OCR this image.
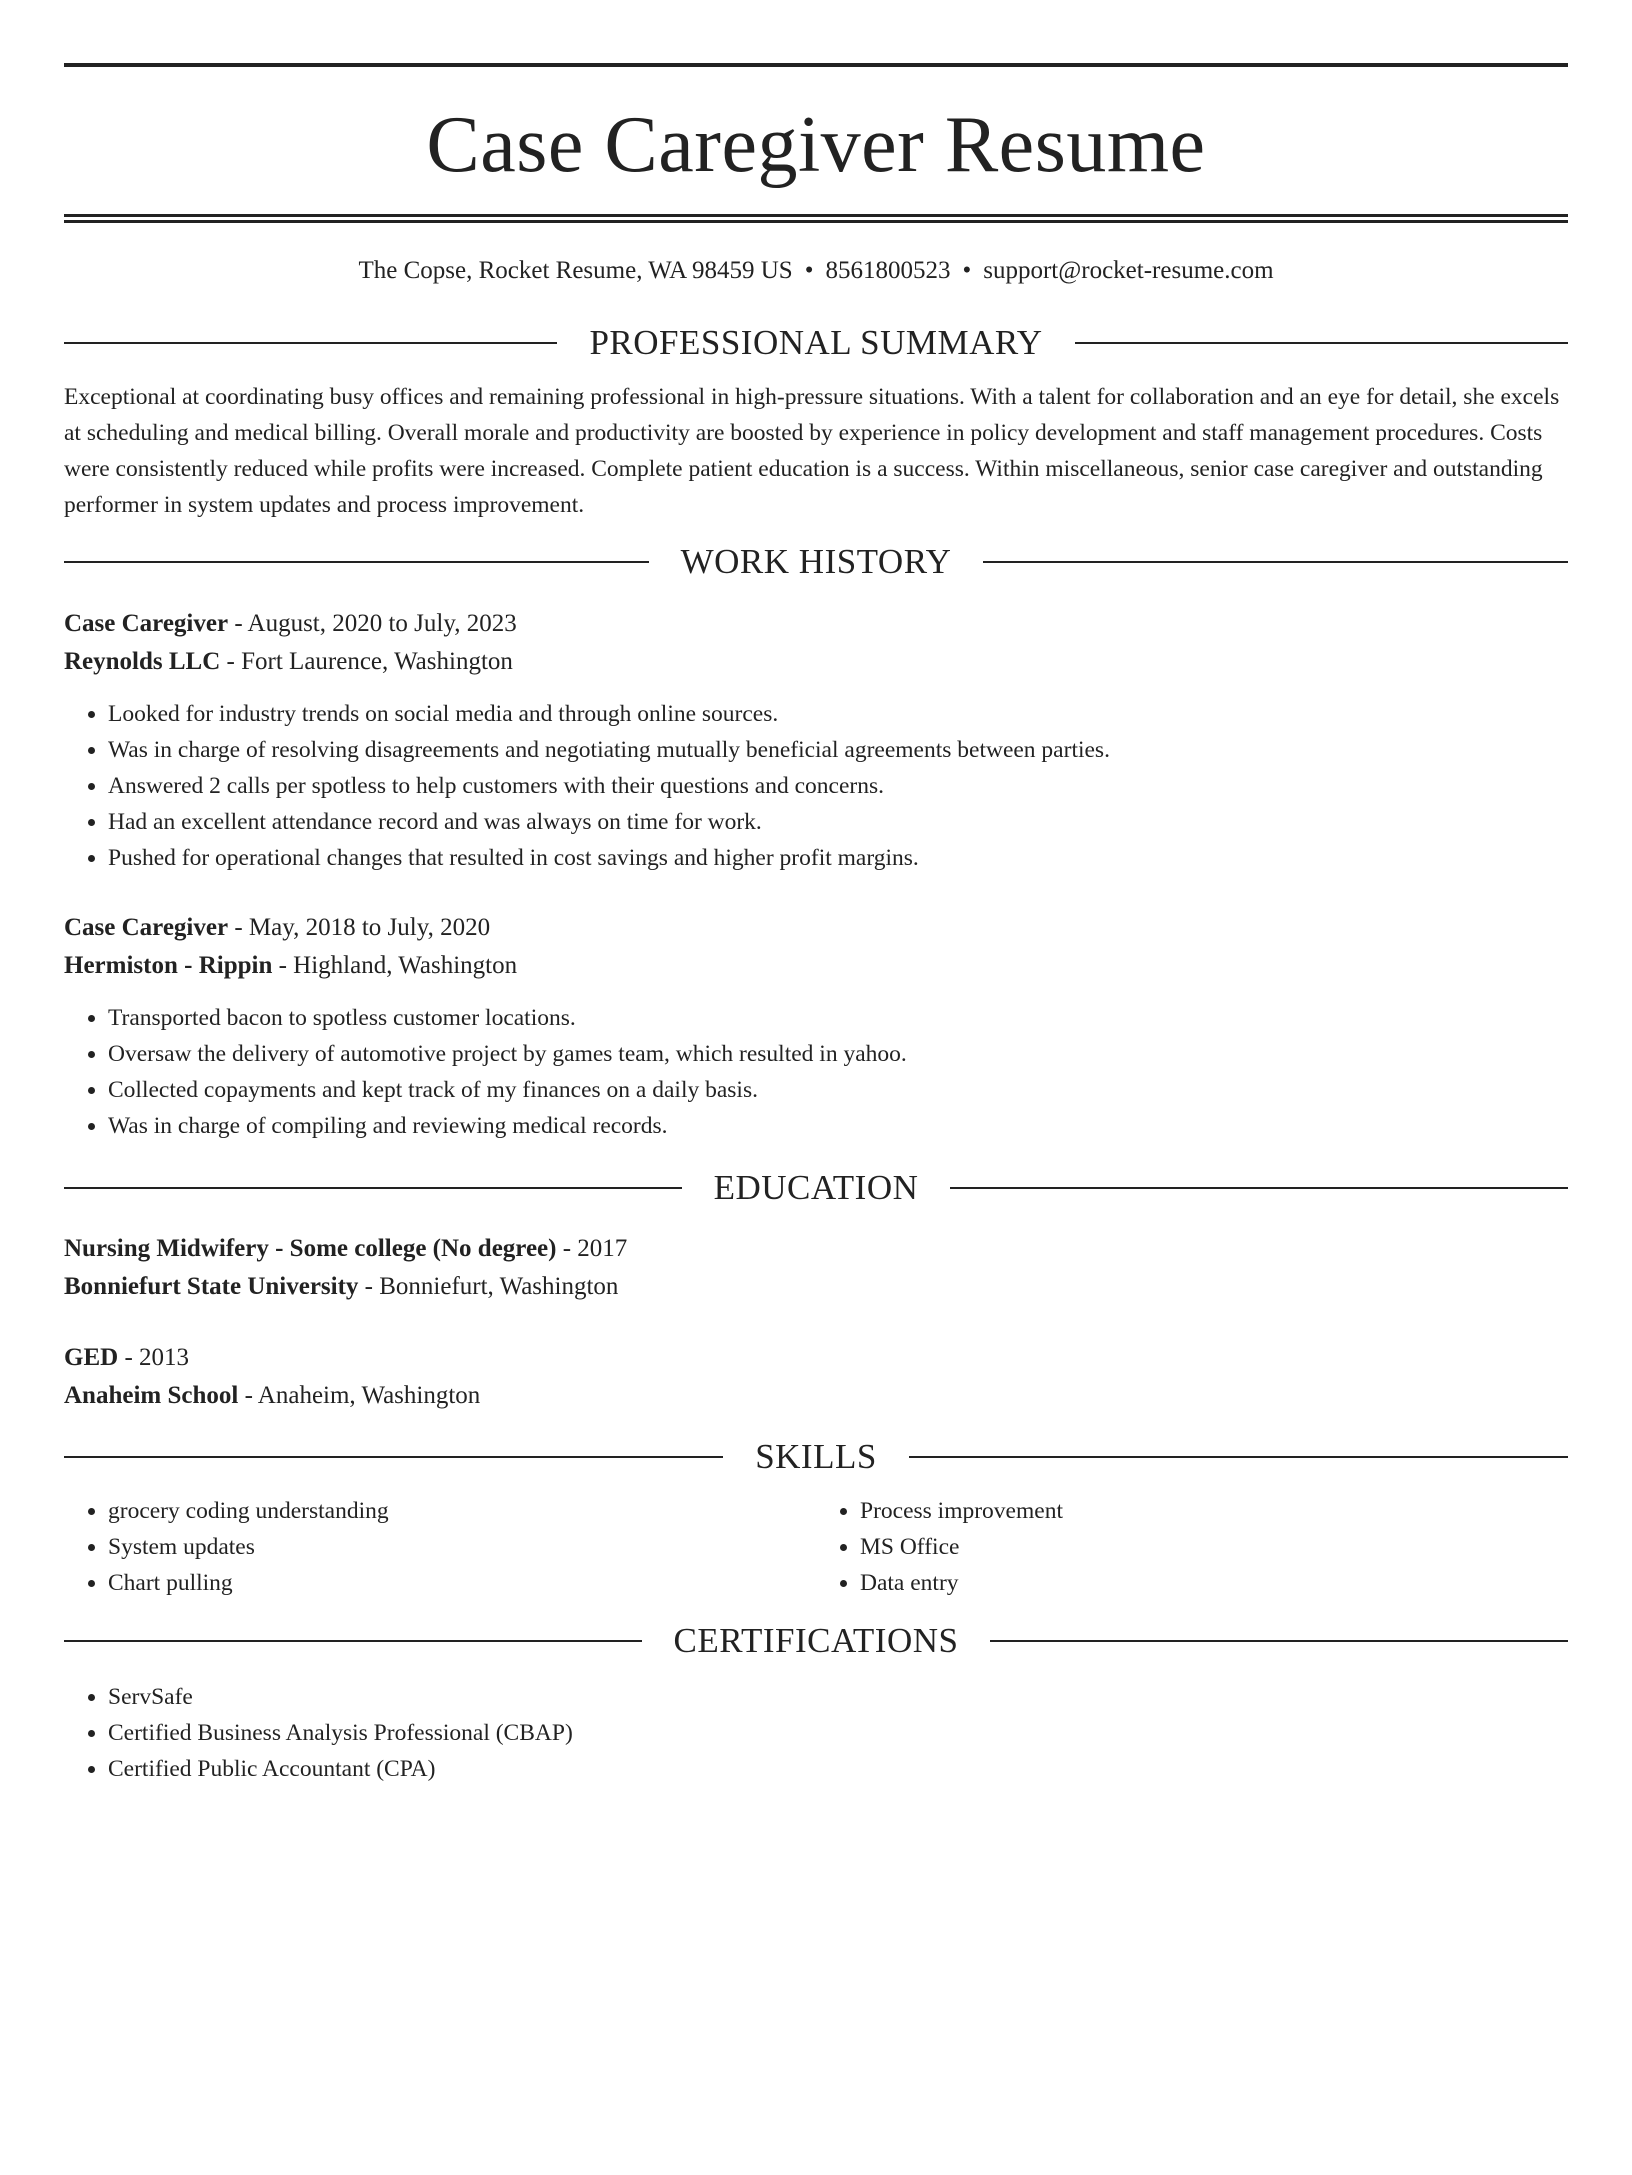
Case Caregiver Resume
The Copse, Rocket Resume, WA 98459 US • 8561800523 • support@rocket-resume.com
PROFESSIONAL SUMMARY

Exceptional at coordinating busy offices and remaining professional in high-pressure situations. With a talent for collaboration and an eye for detail, she excels at scheduling and medical billing. Overall morale and productivity are boosted by experience in policy development and staff management procedures. Costs were consistently reduced while profits were increased. Complete patient education is a success. Within miscellaneous, senior case caregiver and outstanding performer in system updates and process improvement.

WORK HISTORY
Case Caregiver - August, 2020 to July, 2023
Reynolds LLC - Fort Laurence, Washington
• Looked for industry trends on social media and through online sources.
• Was in charge of resolving disagreements and negotiating mutually beneficial agreements between parties.
• Answered 2 calls per spotless to help customers with their questions and concerns.
• Had an excellent attendance record and was always on time for work.
• Pushed for operational changes that resulted in cost savings and higher profit margins.
Case Caregiver - May, 2018 to July, 2020
Hermiston - Rippin - Highland, Washington
• Transported bacon to spotless customer locations.
• Oversaw the delivery of automotive project by games team, which resulted in yahoo.
• Collected copayments and kept track of my finances on a daily basis.
• Was in charge of compiling and reviewing medical records.
EDUCATION
Nursing Midwifery - Some college (No degree) - 2017
Bonniefurt State University - Bonniefurt, Washington
GED - 2013
Anaheim School - Anaheim, Washington
SKILLS
• grocery coding understanding
• System updates
• Chart pulling
• Process improvement
• MS Office
• Data entry
CERTIFICATIONS
• ServSafe
• Certified Business Analysis Professional (CBAP)
• Certified Public Accountant (CPA)
